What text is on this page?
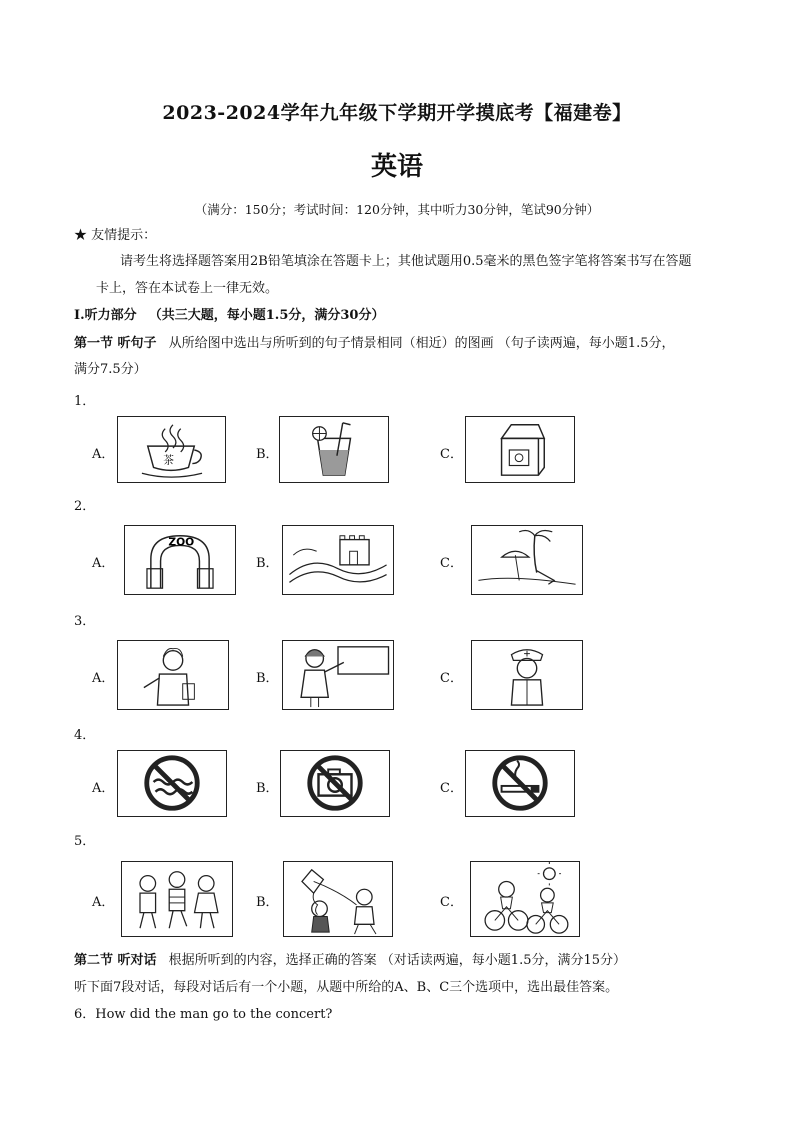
2023-2024学年九年级下学期开学摸底考【福建卷】
英语
（满分：150分；考试时间：120分钟，其中听力30分钟，笔试90分钟）
★ 友情提示：
请考生将选择题答案用2B铅笔填涂在答题卡上；其他试题用0.5毫米的黑色签字笔将答案书写在答题
卡上，答在本试卷上一律无效。
I.听力部分 （共三大题，每小题1.5分，满分30分）
第一节 听句子 从所给图中选出与所听到的句子情景相同（相近）的图画 （句子读两遍，每小题1.5分，
满分7.5分）
1．
A．	茶	B．	C．
2．
A．
ZOO
B．	C．
3．
A．	B．	C．
4．
A．	B．	C．
5．
A．	B．	C．
第二节 听对话 根据所听到的内容，选择正确的答案 （对话读两遍，每小题1.5分，满分15分）
听下面7段对话，每段对话后有一个小题，从题中所给的A、B、C三个选项中，选出最佳答案。
6．How did the man go to the concert?
